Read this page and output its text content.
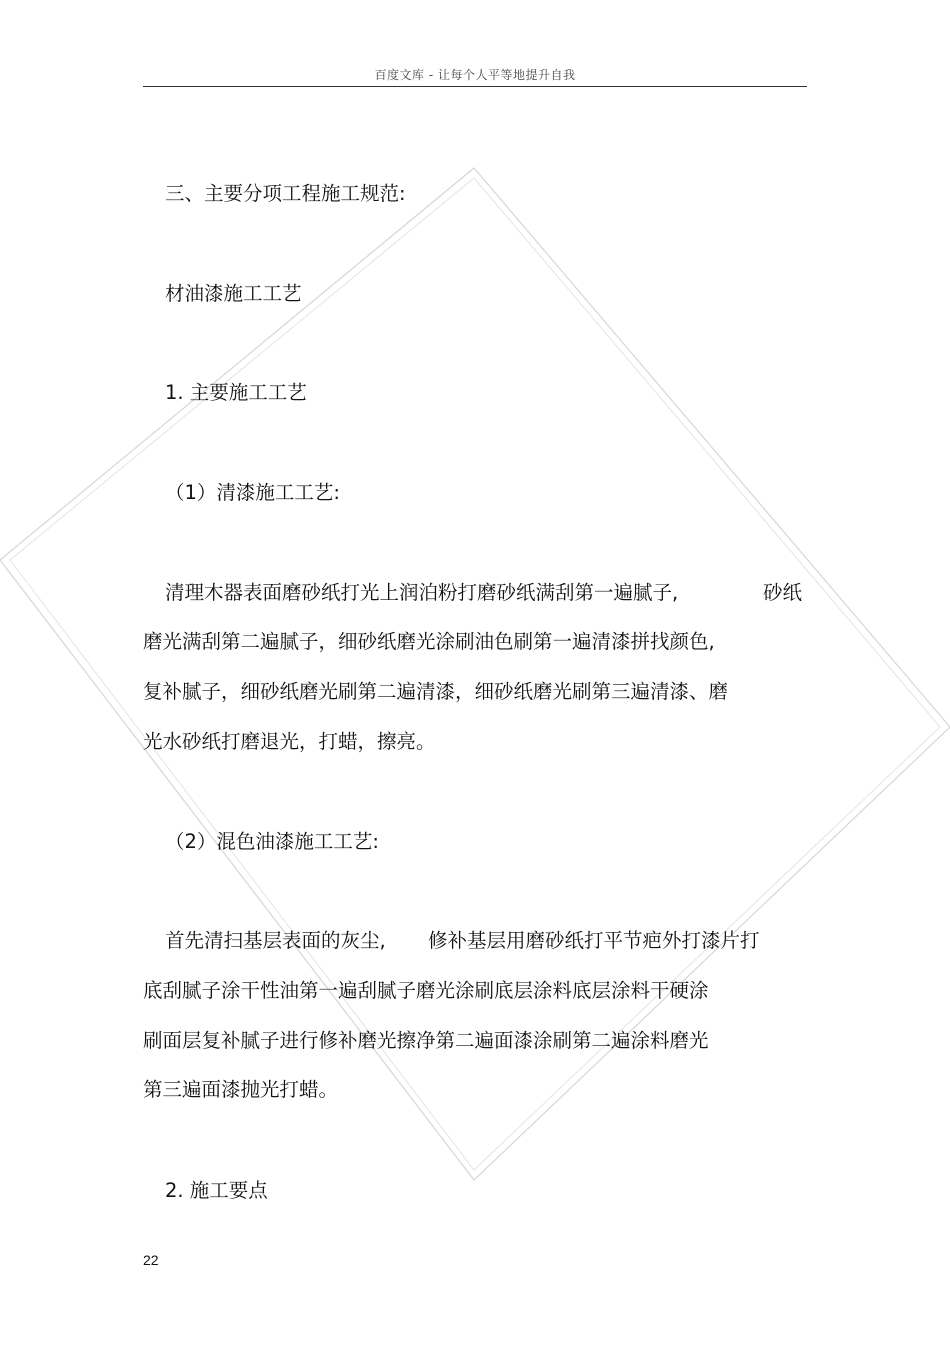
百度文库 - 让每个人平等地提升自我
三、主要分项工程施工规范:
材油漆施工工艺
1. 主要施工工艺
（1）清漆施工工艺:
清理木器表面磨砂纸打光上润泊粉打磨砂纸满刮第一遍腻子,	砂纸
磨光满刮第二遍腻子，细砂纸磨光涂刷油色刷第一遍清漆拼找颜色,
复补腻子，细砂纸磨光刷第二遍清漆，细砂纸磨光刷第三遍清漆、磨
光水砂纸打磨退光，打蜡，擦亮。
（2）混色油漆施工工艺:
首先清扫基层表面的灰尘, 修补基层用磨砂纸打平节疤外打漆片打
底刮腻子涂干性油第一遍刮腻子磨光涂刷底层涂料底层涂料干硬涂
刷面层复补腻子进行修补磨光擦净第二遍面漆涂刷第二遍涂料磨光
第三遍面漆抛光打蜡。
2. 施工要点
22
